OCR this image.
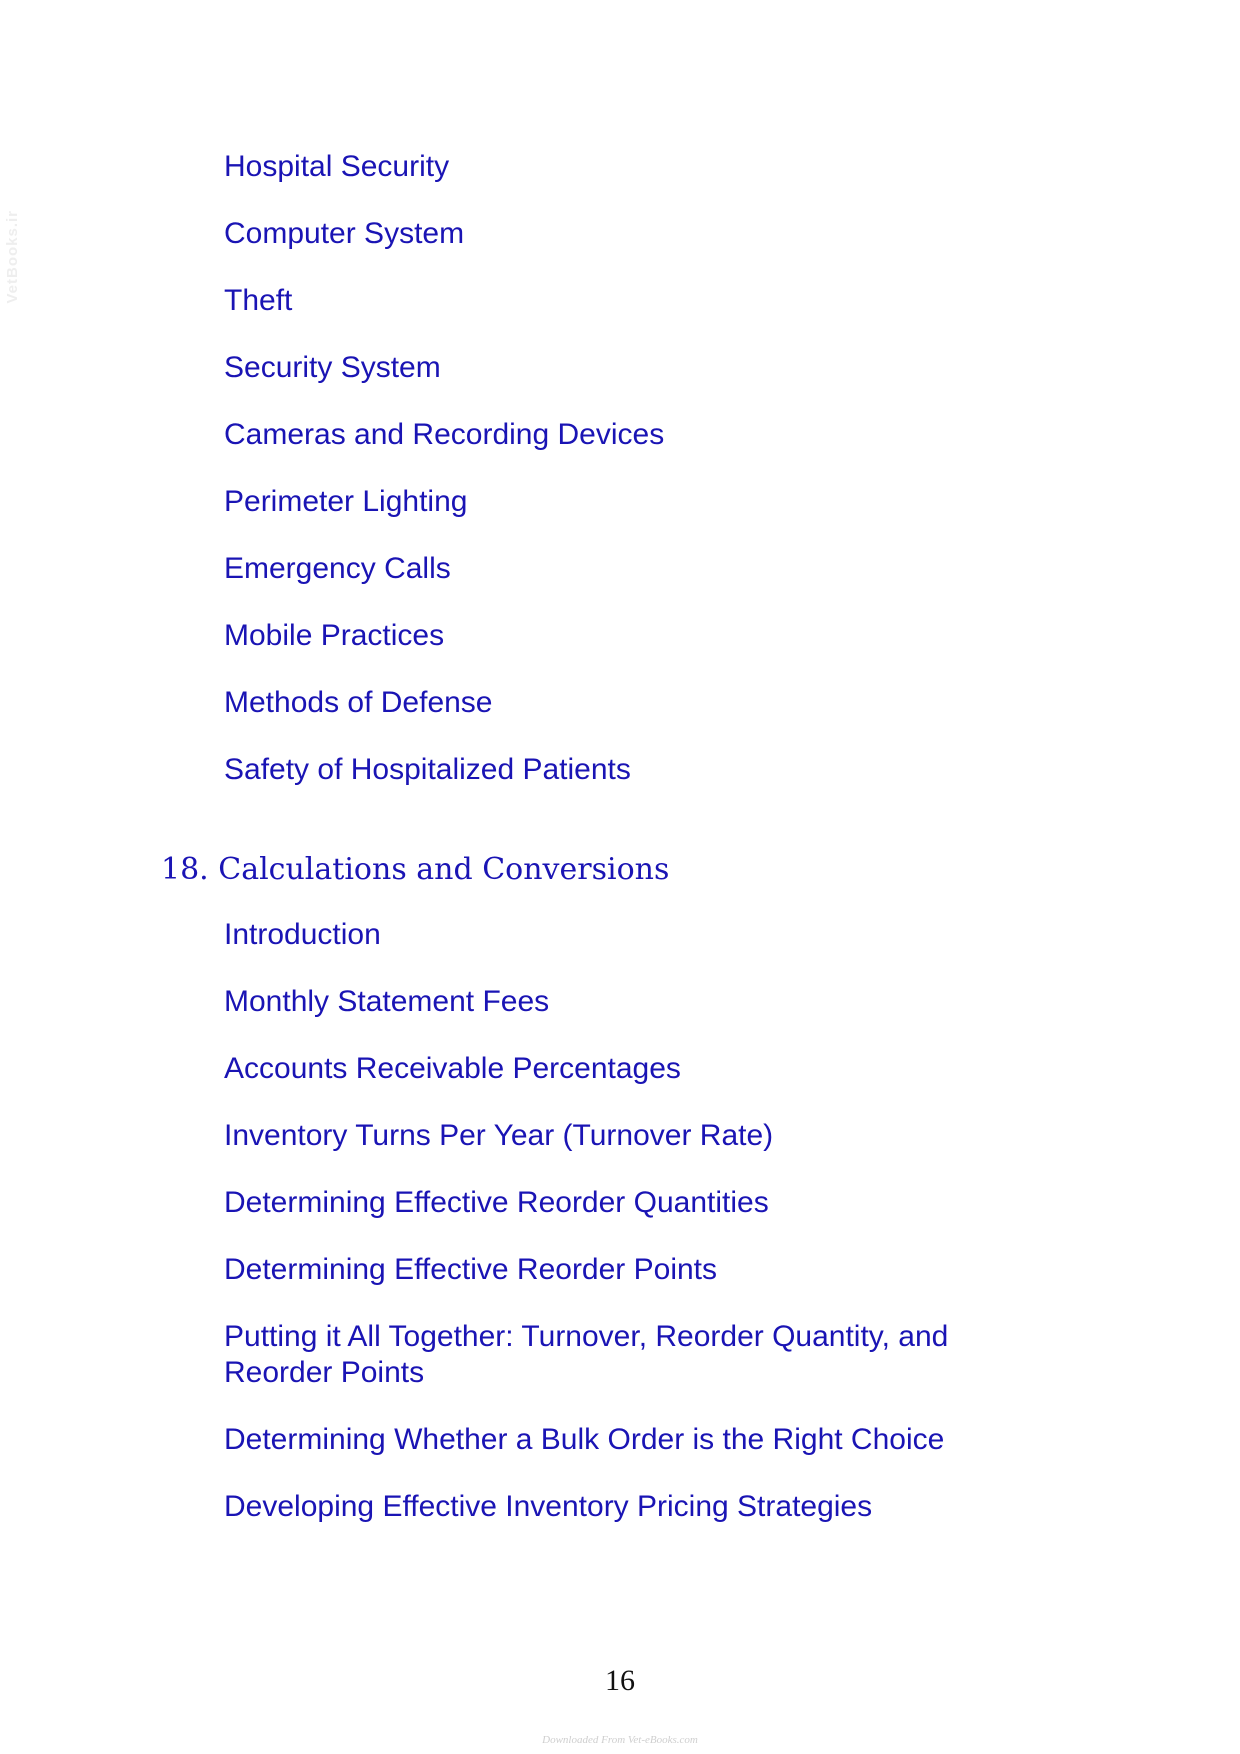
VetBooks.ir
Hospital Security
Computer System
Theft
Security System
Cameras and Recording Devices
Perimeter Lighting
Emergency Calls
Mobile Practices
Methods of Defense
Safety of Hospitalized Patients
18. Calculations and Conversions
Introduction
Monthly Statement Fees
Accounts Receivable Percentages
Inventory Turns Per Year (Turnover Rate)
Determining Effective Reorder Quantities
Determining Effective Reorder Points
Putting it All Together: Turnover, Reorder Quantity, and Reorder Points
Determining Whether a Bulk Order is the Right Choice
Developing Effective Inventory Pricing Strategies
16
Downloaded From Vet-eBooks.com
